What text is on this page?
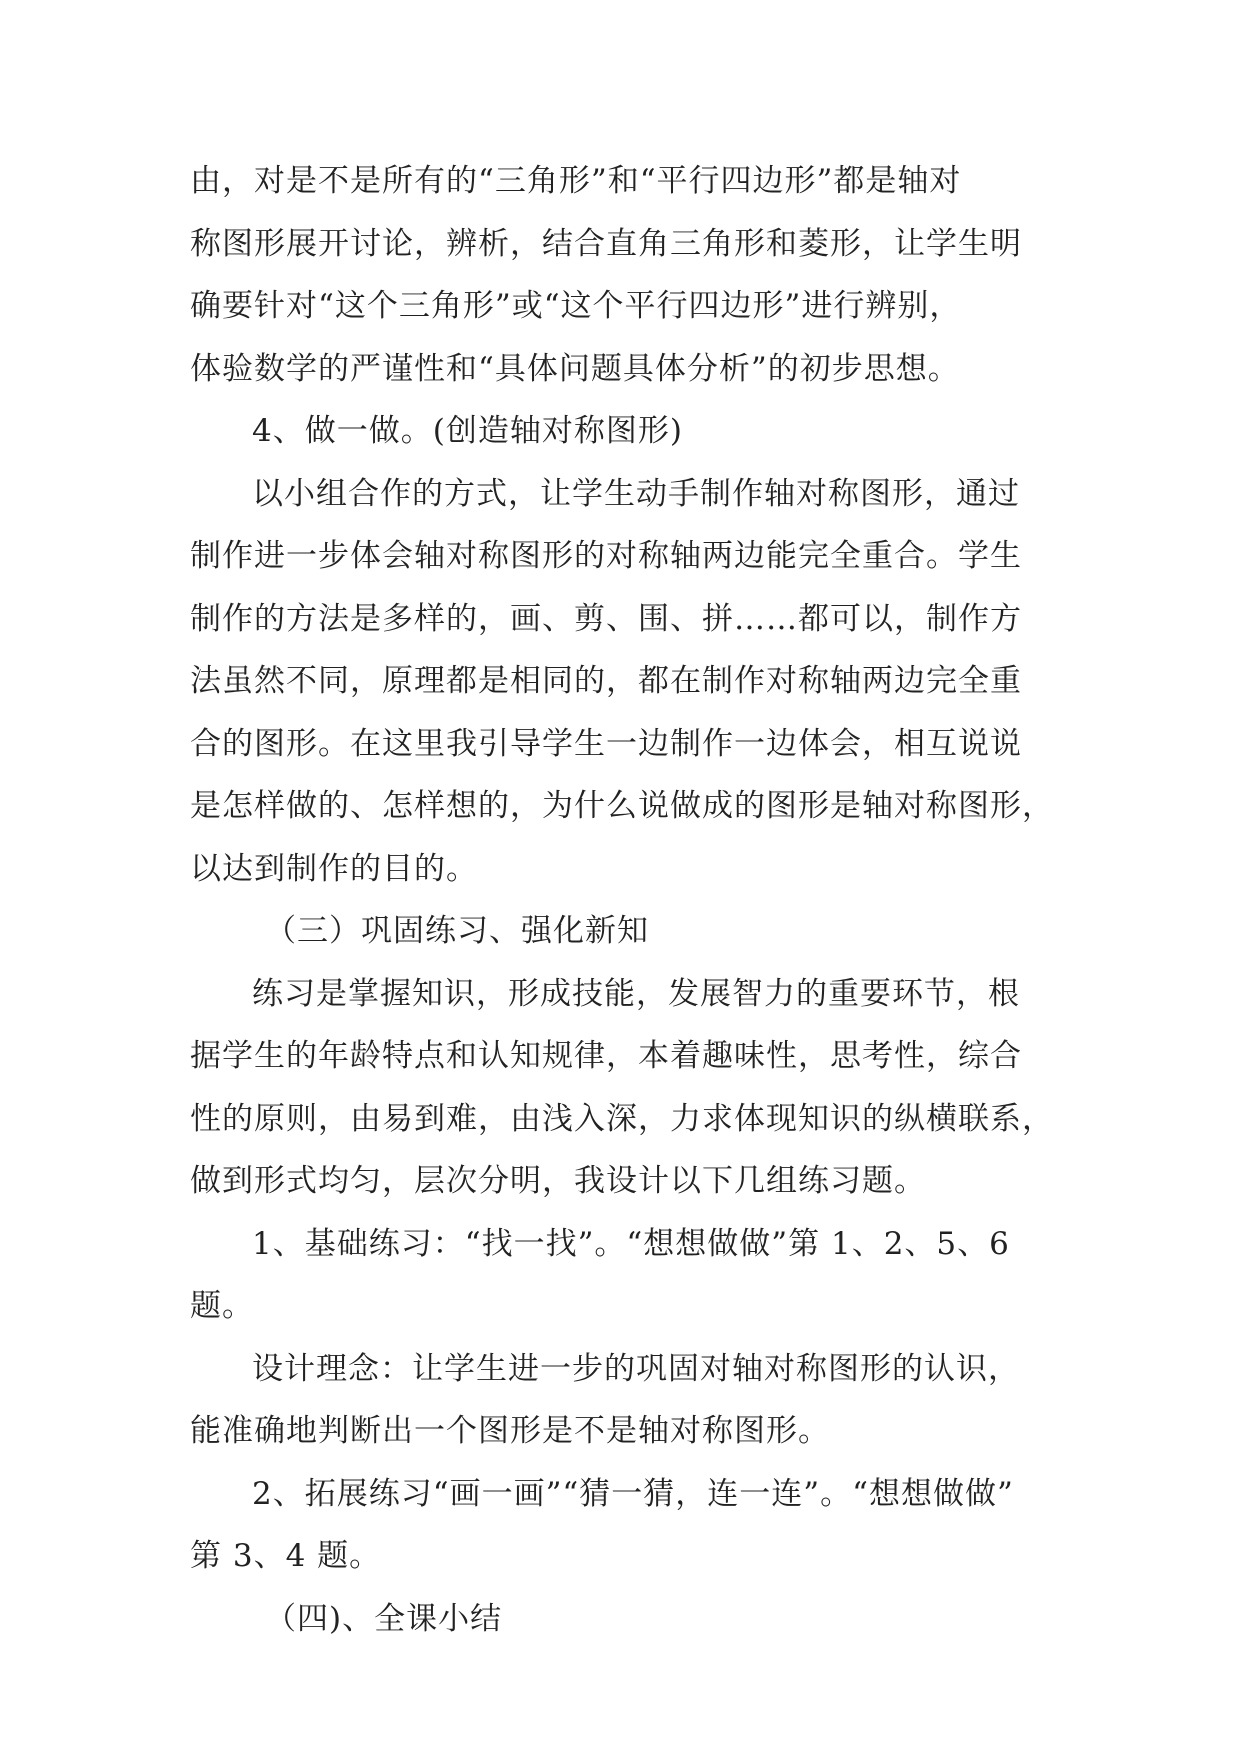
由，对是不是所有的“三角形”和“平行四边形”都是轴对
称图形展开讨论，辨析，结合直角三角形和菱形，让学生明
确要针对“这个三角形”或“这个平行四边形”进行辨别，
体验数学的严谨性和“具体问题具体分析”的初步思想。
4、做一做。(创造轴对称图形)
以小组合作的方式，让学生动手制作轴对称图形，通过
制作进一步体会轴对称图形的对称轴两边能完全重合。学生
制作的方法是多样的，画、剪、围、拼……都可以，制作方
法虽然不同，原理都是相同的，都在制作对称轴两边完全重
合的图形。在这里我引导学生一边制作一边体会，相互说说
是怎样做的、怎样想的，为什么说做成的图形是轴对称图形，
以达到制作的目的。
（三）巩固练习、强化新知
练习是掌握知识，形成技能，发展智力的重要环节，根
据学生的年龄特点和认知规律，本着趣味性，思考性，综合
性的原则，由易到难，由浅入深，力求体现知识的纵横联系，
做到形式均匀，层次分明，我设计以下几组练习题。
1、基础练习：“找一找”。“想想做做”第 1、2、5、6
题。
设计理念：让学生进一步的巩固对轴对称图形的认识，
能准确地判断出一个图形是不是轴对称图形。
2、拓展练习“画一画”“猜一猜，连一连”。“想想做做”
第 3、4 题。
（四)、全课小结
